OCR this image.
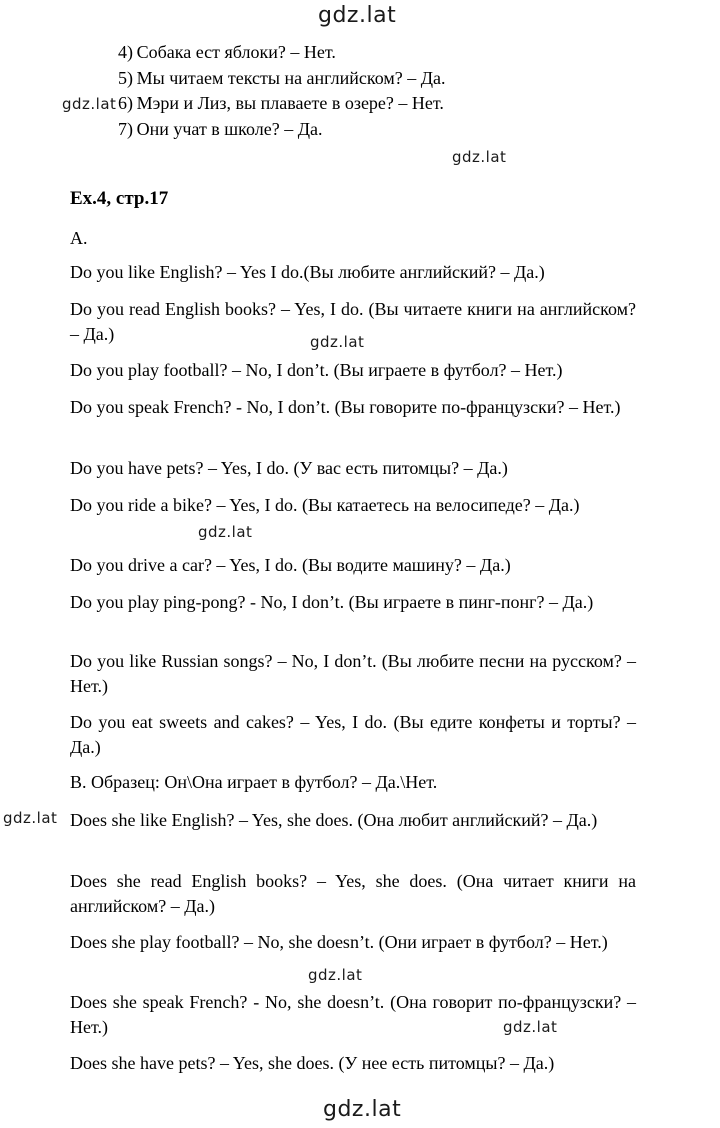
gdz.lat
gdz.lat
gdz.lat
gdz.lat
gdz.lat
gdz.lat
gdz.lat
gdz.lat
gdz.lat
4) Собака ест яблоки? – Нет.
5) Мы читаем тексты на английском? – Да.
6) Мэри и Лиз, вы плаваете в озере? – Нет.
7) Они учат в школе? – Да.
Ex.4, стр.17
A.

Do you like English? – Yes I do.(Вы любите английский? – Да.)

Do you read English books? – Yes, I do. (Вы читаете книги на английском? – Да.)

Do you play football? – No, I don’t. (Вы играете в футбол? – Нет.)

Do you speak French? - No, I don’t. (Вы говорите по-французски? – Нет.)

Do you have pets? – Yes, I do. (У вас есть питомцы? – Да.)

Do you ride a bike? – Yes, I do. (Вы катаетесь на велосипеде? – Да.)

Do you drive a car? – Yes, I do. (Вы водите машину? – Да.)

Do you play ping-pong? - No, I don’t. (Вы играете в пинг-понг? – Да.)

Do you like Russian songs? – No, I don’t. (Вы любите песни на русском? – Нет.)

Do you eat sweets and cakes? – Yes, I do. (Вы едите конфеты и торты? – Да.)

B. Образец: Он\Она играет в футбол? – Да.\Нет.

Does she like English? – Yes, she does. (Она любит английский? – Да.)

Does she read English books? – Yes, she does. (Она читает книги на английском? – Да.)

Does she play football? – No, she doesn’t. (Они играет в футбол? – Нет.)

Does she speak French? - No, she doesn’t. (Она говорит по-французски? – Нет.)

Does she have pets? – Yes, she does. (У нее есть питомцы? – Да.)
